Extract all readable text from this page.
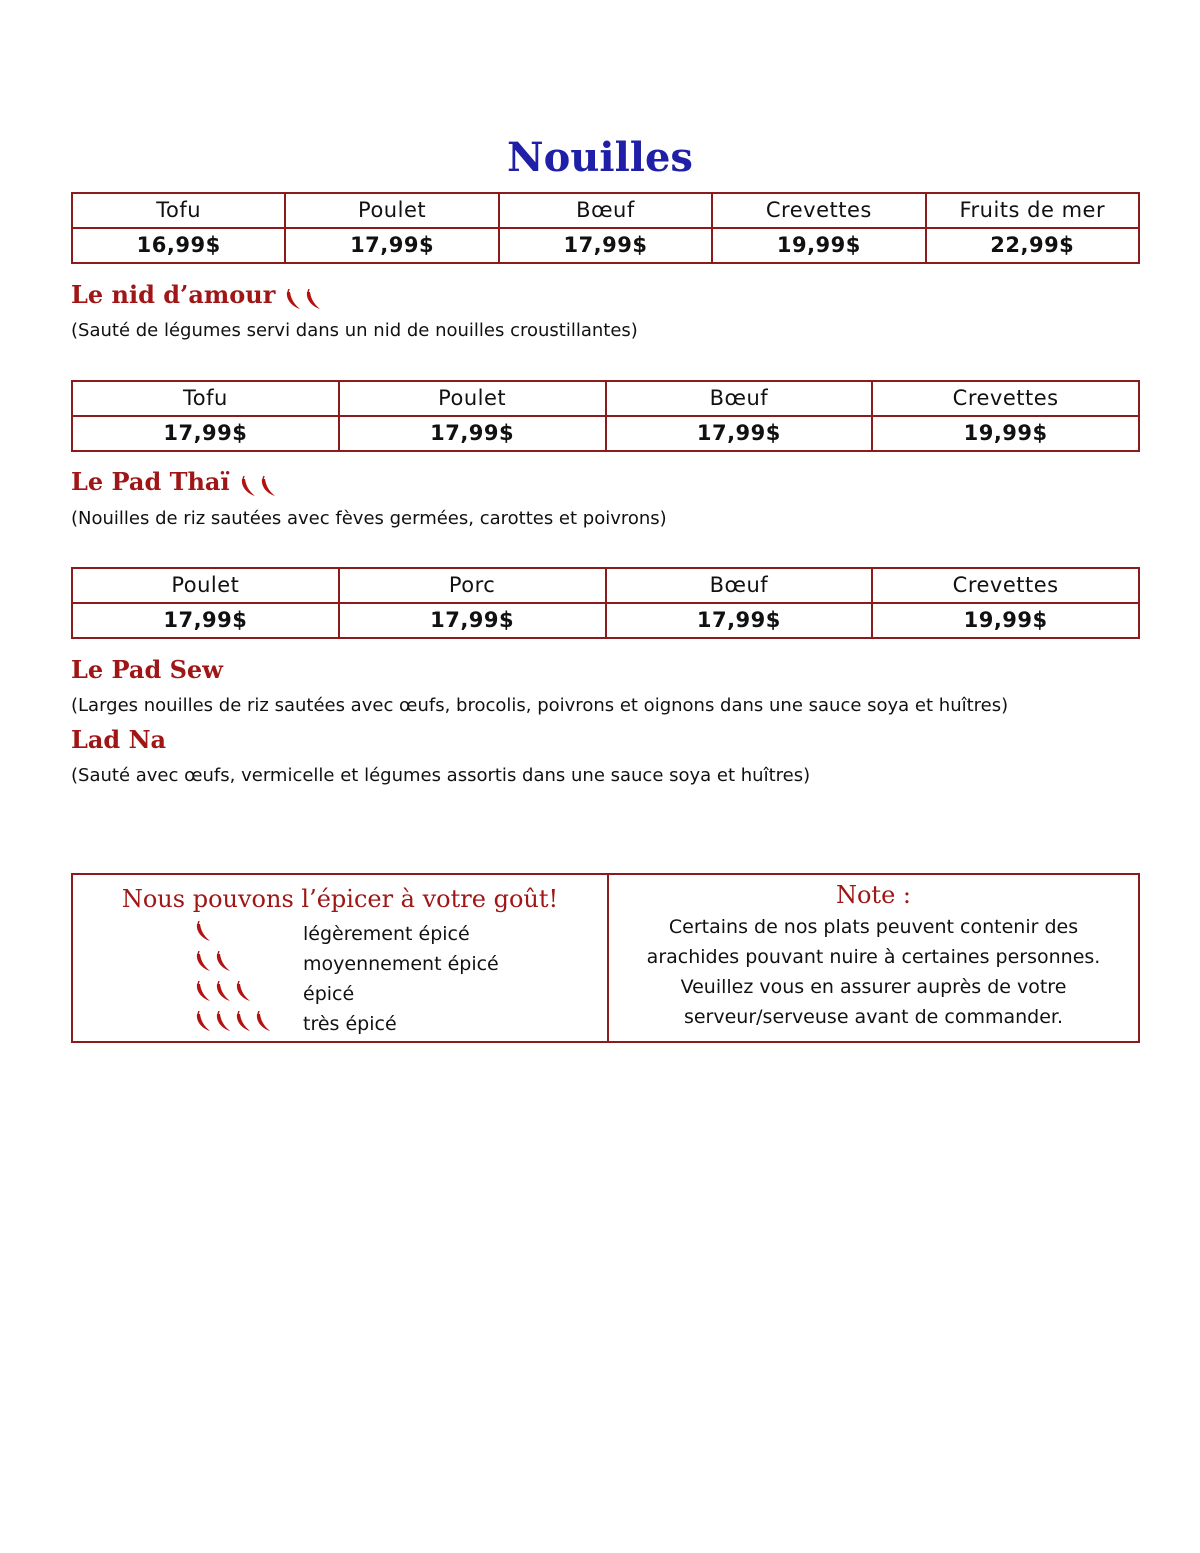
Nouilles
Tofu	Poulet	Bœuf	Crevettes	Fruits de mer
16,99$	17,99$	17,99$	19,99$	22,99$
Le nid d’amour

(Sauté de légumes servi dans un nid de nouilles croustillantes)

Tofu	Poulet	Bœuf	Crevettes
17,99$	17,99$	17,99$	19,99$
Le Pad Thaï

(Nouilles de riz sautées avec fèves germées, carottes et poivrons)

Poulet	Porc	Bœuf	Crevettes
17,99$	17,99$	17,99$	19,99$
Le Pad Sew

(Larges nouilles de riz sautées avec œufs, brocolis, poivrons et oignons dans une sauce soya et huîtres)

Lad Na

(Sauté avec œufs, vermicelle et légumes assortis dans une sauce soya et huîtres)

Nous pouvons l’épicer à votre goût!

légèrement épicé
moyennement épicé
épicé
très épicé

Note :

Certains de nos plats peuvent contenir des
arachides pouvant nuire à certaines personnes.
Veuillez vous en assurer auprès de votre
serveur/serveuse avant de commander.
